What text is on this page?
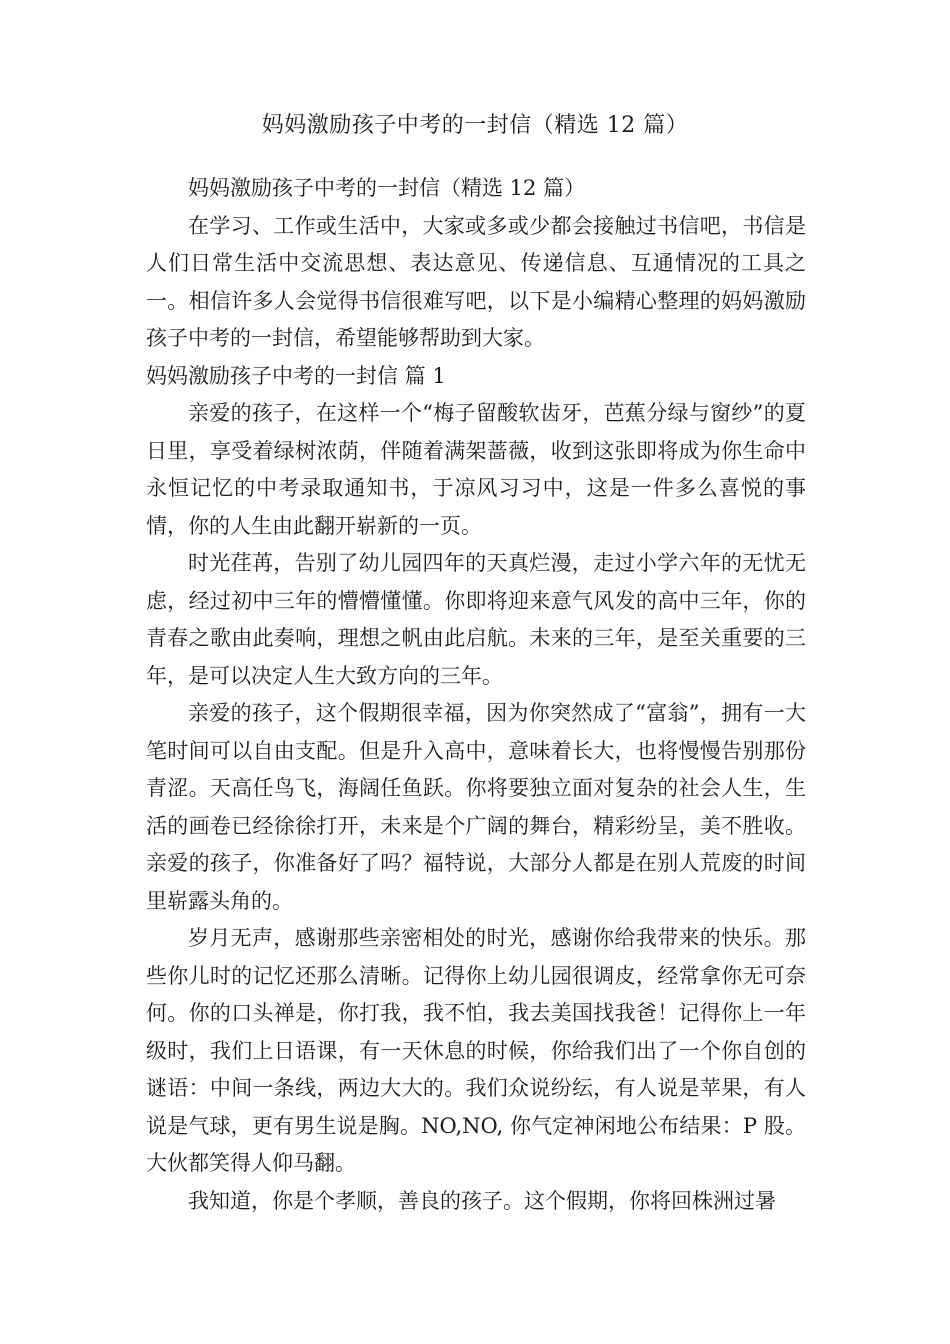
妈妈激励孩子中考的一封信（精选 12 篇）

妈妈激励孩子中考的一封信（精选 12 篇）

在学习、工作或生活中，大家或多或少都会接触过书信吧，书信是人们日常生活中交流思想、表达意见、传递信息、互通情况的工具之一。相信许多人会觉得书信很难写吧，以下是小编精心整理的妈妈激励孩子中考的一封信，希望能够帮助到大家。

妈妈激励孩子中考的一封信 篇 1

亲爱的孩子，在这样一个“梅子留酸软齿牙，芭蕉分绿与窗纱”的夏日里，享受着绿树浓荫，伴随着满架蔷薇，收到这张即将成为你生命中永恒记忆的中考录取通知书，于凉风习习中，这是一件多么喜悦的事情，你的人生由此翻开崭新的一页。

时光荏苒，告别了幼儿园四年的天真烂漫，走过小学六年的无忧无虑，经过初中三年的懵懵懂懂。你即将迎来意气风发的高中三年，你的青春之歌由此奏响，理想之帆由此启航。未来的三年，是至关重要的三年，是可以决定人生大致方向的三年。

亲爱的孩子，这个假期很幸福，因为你突然成了“富翁”，拥有一大笔时间可以自由支配。但是升入高中，意味着长大，也将慢慢告别那份青涩。天高任鸟飞，海阔任鱼跃。你将要独立面对复杂的社会人生，生活的画卷已经徐徐打开，未来是个广阔的舞台，精彩纷呈，美不胜收。亲爱的孩子，你准备好了吗？福特说，大部分人都是在别人荒废的时间里崭露头角的。

岁月无声，感谢那些亲密相处的时光，感谢你给我带来的快乐。那些你儿时的记忆还那么清晰。记得你上幼儿园很调皮，经常拿你无可奈何。你的口头禅是，你打我，我不怕，我去美国找我爸！记得你上一年级时，我们上日语课，有一天休息的时候，你给我们出了一个你自创的谜语：中间一条线，两边大大的。我们众说纷纭，有人说是苹果，有人说是气球，更有男生说是胸。NO,NO, 你气定神闲地公布结果：P 股。大伙都笑得人仰马翻。

我知道，你是个孝顺，善良的孩子。这个假期，你将回株洲过暑
